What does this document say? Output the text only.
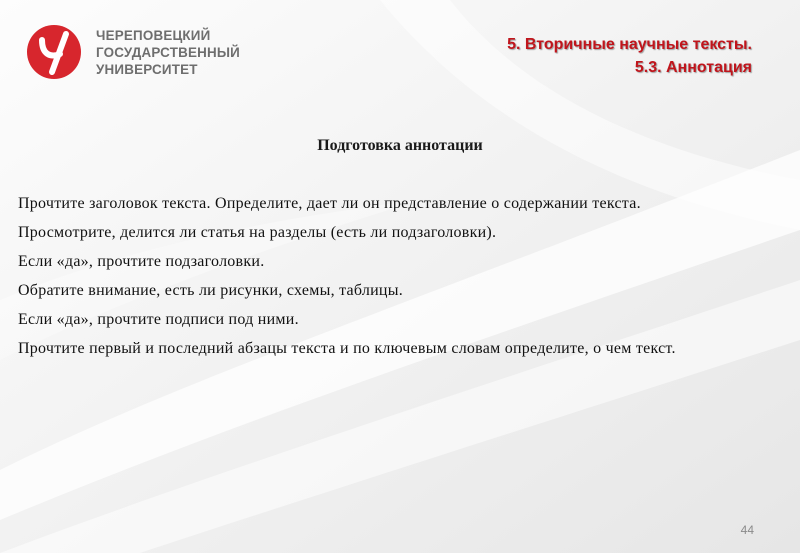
ЧЕРЕПОВЕЦКИЙ
ГОСУДАРСТВЕННЫЙ
УНИВЕРСИТЕТ
5. Вторичные научные тексты.
5.3. Аннотация
Подготовка аннотации

Прочтите заголовок текста. Определите, дает ли он представление о содержании текста.

Просмотрите, делится ли статья на разделы (есть ли подзаголовки).

Если «да», прочтите подзаголовки.

Обратите внимание, есть ли рисунки, схемы, таблицы.

Если «да», прочтите подписи под ними.

Прочтите первый и последний абзацы текста и по ключевым словам определите, о чем текст.

44
